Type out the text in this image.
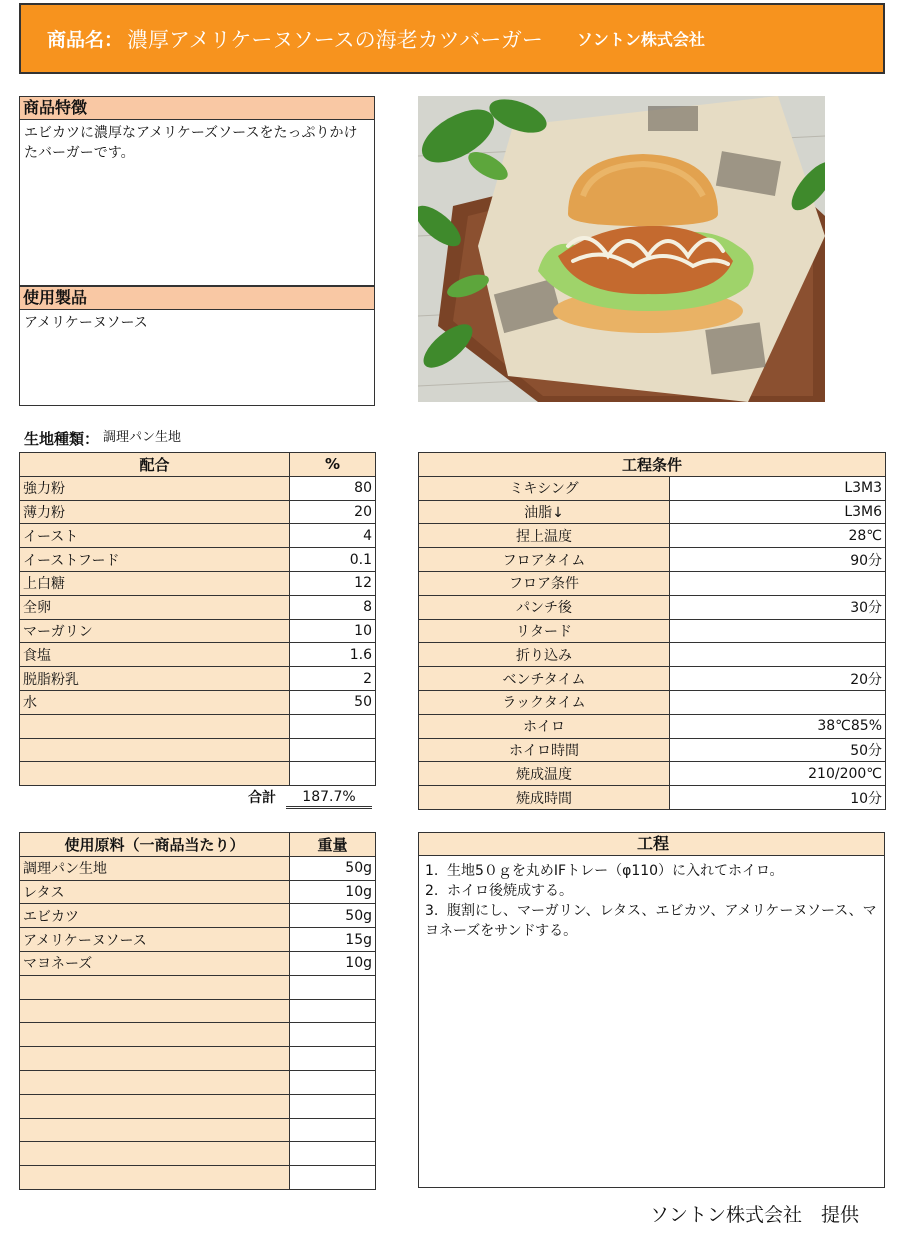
商品名： 濃厚アメリケーヌソースの海老カツバーガー ソントン株式会社
商品特徴
エビカツに濃厚なアメリケーズソースをたっぷりかけたバーガーです。
使用製品
アメリケーヌソース
生地種類： 調理パン生地
配合	%
強力粉	80
薄力粉	20
イースト	4
イーストフード	0.1
上白糖	12
全卵	8
マーガリン	10
食塩	1.6
脱脂粉乳	2
水	50

合計	187.7%
工程条件	
ミキシング	L3M3
油脂↓	L3M6
捏上温度	28℃
フロアタイム	90分
フロア条件	
パンチ後	30分
リタード	
折り込み	
ベンチタイム	20分
ラックタイム	
ホイロ	38℃85%
ホイロ時間	50分
焼成温度	210/200℃
焼成時間	10分
使用原料（一商品当たり）	重量
調理パン生地	50g
レタス	10g
エビカツ	50g
アメリケーヌソース	15g
マヨネーズ	10g

工程
1. 生地5０ｇを丸めIFトレー（φ110）に入れてホイロ。
2. ホイロ後焼成する。
3. 腹割にし、マーガリン、レタス、エビカツ、アメリケーヌソース、マヨネーズをサンドする。
ソントン株式会社　提供
